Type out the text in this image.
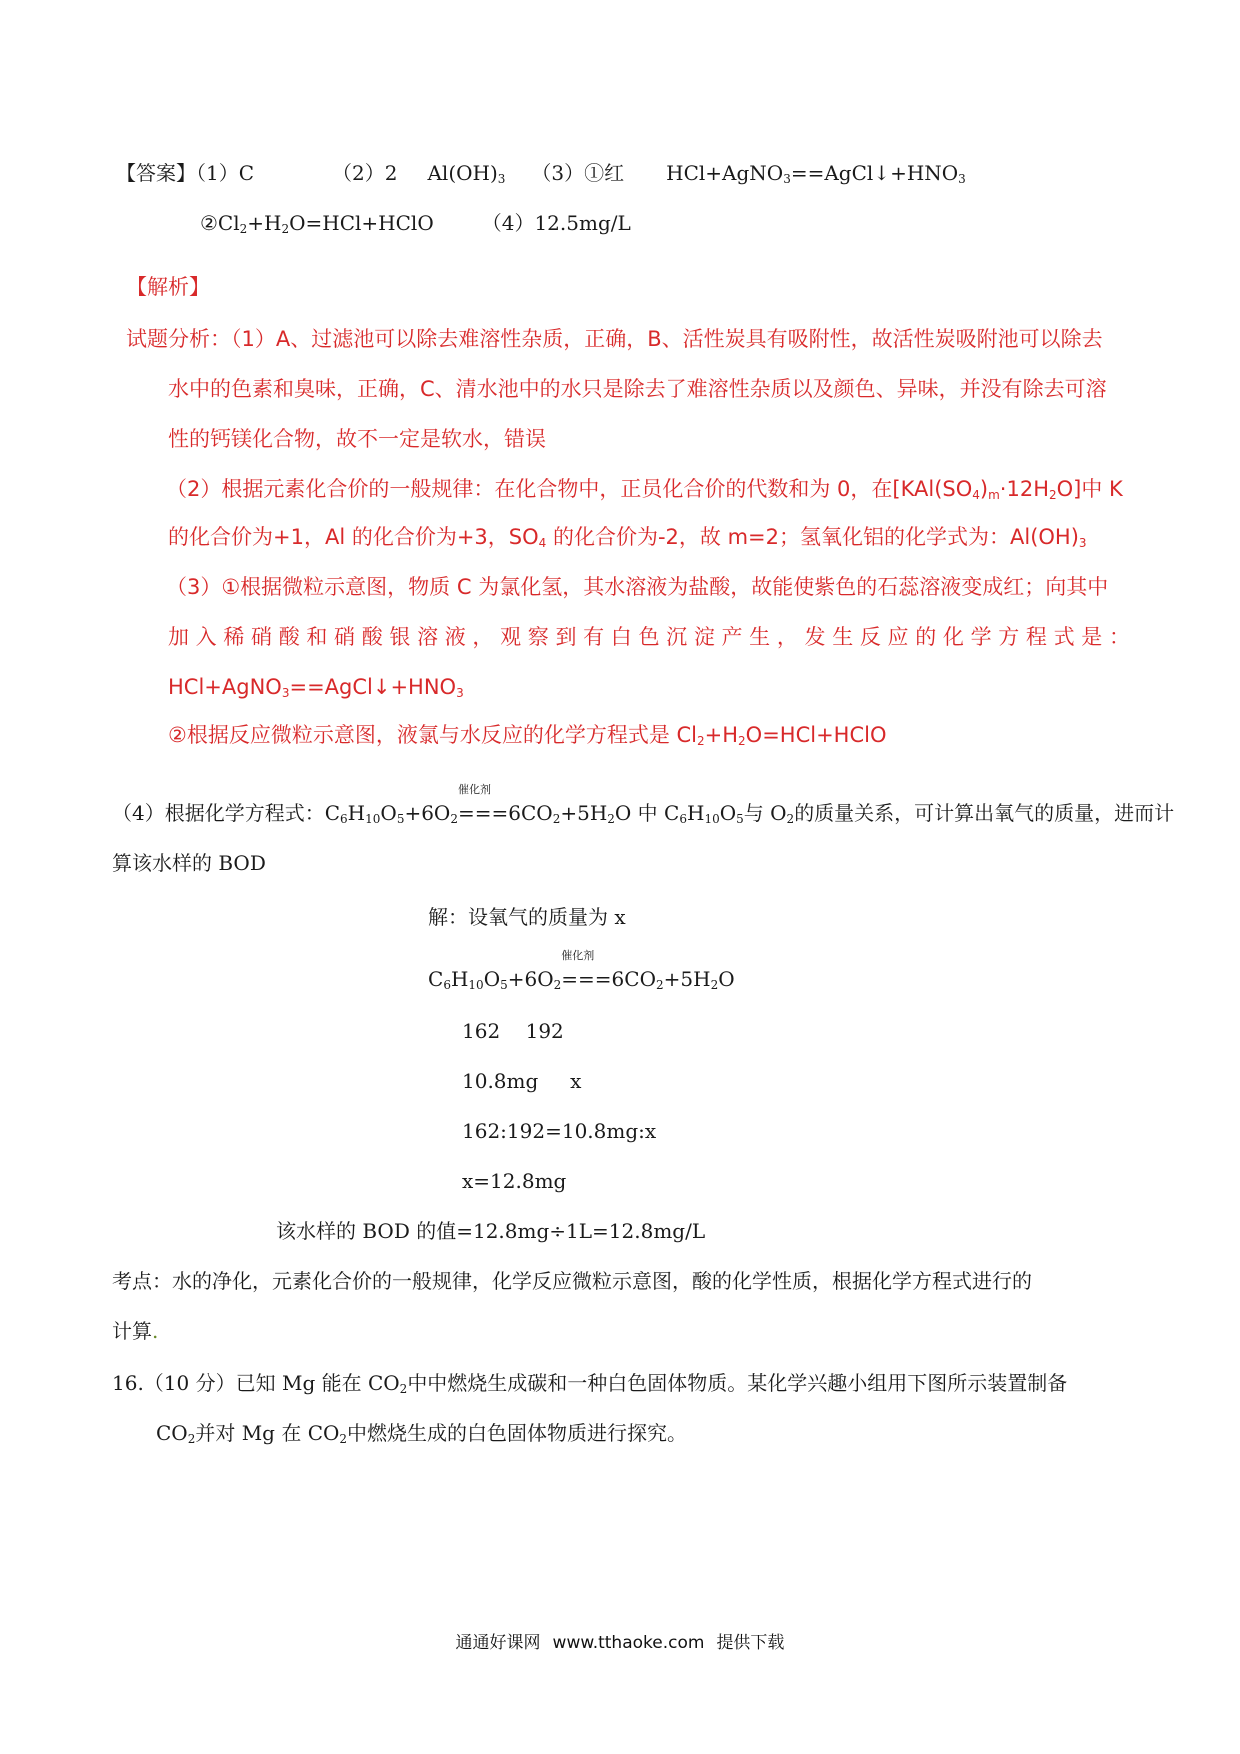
【答案】（1）C	（2）2 $Al(OH)_3$ （3）①红 $HCl+AgNO_3==AgCl↓+HNO_3$
$②Cl_2+H_2O=HCl+HClO$ （4）12.5mg/L
【解析】
试题分析：（1）A、过滤池可以除去难溶性杂质，正确，B、活性炭具有吸附性，故活性炭吸附池可以除去
水中的色素和臭味，正确，C、清水池中的水只是除去了难溶性杂质以及颜色、异味，并没有除去可溶
性的钙镁化合物，故不一定是软水，错误
（2）根据元素化合价的一般规律：在化合物中，正员化合价的代数和为 0，在$[KAl(SO_4)_m\cdot 12H_2O]$中 K
的化合价为+1，Al 的化合价为+3，$SO_4$ 的化合价为-2，故 m=2；氢氧化铝的化学式为：$Al(OH)_3$
（3）①根据微粒示意图，物质 C 为氯化氢，其水溶液为盐酸，故能使紫色的石蕊溶液变成红；向其中
加 入 稀 硝 酸 和 硝 酸 银 溶 液 ， 观 察 到 有 白 色 沉 淀 产 生 ， 发 生 反 应 的 化 学 方 程 式 是 ：
$HCl+AgNO_3==AgCl↓+HNO_3$
②根据反应微粒示意图，液氯与水反应的化学方程式是 $Cl_2+H_2O=HCl+HClO$
（4）根据化学方程式：$C_6H_{10}O_5+6O_2$
催化剂
$===6CO_2+5H_2O$ 中 $C_6H_{10}O_5$与 $O_2$的质量关系，可计算出氧气的质量，进而计
算该水样的 BOD
解：设氧气的质量为 x
$C_6H_{10}O_5+6O_2$
催化剂
$===6CO_2+5H_2O$
162    192
10.8mg     x
162:192=10.8mg:x
x=12.8mg
该水样的 BOD 的值=12.8mg÷1L=12.8mg/L
考点：水的净化，元素化合价的一般规律，化学反应微粒示意图，酸的化学性质，根据化学方程式进行的
计算.
16.（10 分）已知 Mg 能在 $CO_2$中中燃烧生成碳和一种白色固体物质。某化学兴趣小组用下图所示装置制备
$CO_2$并对 Mg 在 $CO_2$中燃烧生成的白色固体物质进行探究。
通通好课网 www.tthaoke.com 提供下载
